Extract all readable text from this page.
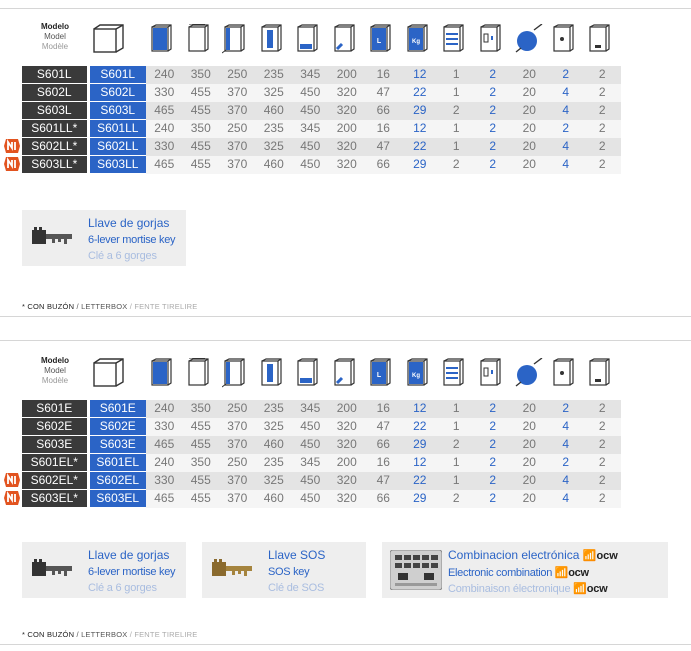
Modelo
Model
Modèle
L	Kg
S601L	S601L	240	350	250	235	345	200	16	12	1	2	20	2	2
S602L	S602L	330	455	370	325	450	320	47	22	1	2	20	4	2
S603L	S603L	465	455	370	460	450	320	66	29	2	2	20	4	2
S601LL*	S601LL	240	350	250	235	345	200	16	12	1	2	20	2	2
S602LL*	S602LL	330	455	370	325	450	320	47	22	1	2	20	4	2
S603LL*	S603LL	465	455	370	460	450	320	66	29	2	2	20	4	2
Llave de gorjas
6-lever mortise key
Clé a 6 gorges
* CON BUZÓN / LETTERBOX / FENTE TIRELIRE
Modelo
Model
Modèle
L	Kg
S601E	S601E	240	350	250	235	345	200	16	12	1	2	20	2	2
S602E	S602E	330	455	370	325	450	320	47	22	1	2	20	4	2
S603E	S603E	465	455	370	460	450	320	66	29	2	2	20	4	2
S601EL*	S601EL	240	350	250	235	345	200	16	12	1	2	20	2	2
S602EL*	S602EL	330	455	370	325	450	320	47	22	1	2	20	4	2
S603EL*	S603EL	465	455	370	460	450	320	66	29	2	2	20	4	2
Llave de gorjas
6-lever mortise key
Clé a 6 gorges
Llave SOS
SOS key
Clé de SOS
Combinacion electrónica 📶ocw
Electronic combination 📶ocw
Combinaison électronique 📶ocw
* CON BUZÓN / LETTERBOX / FENTE TIRELIRE
